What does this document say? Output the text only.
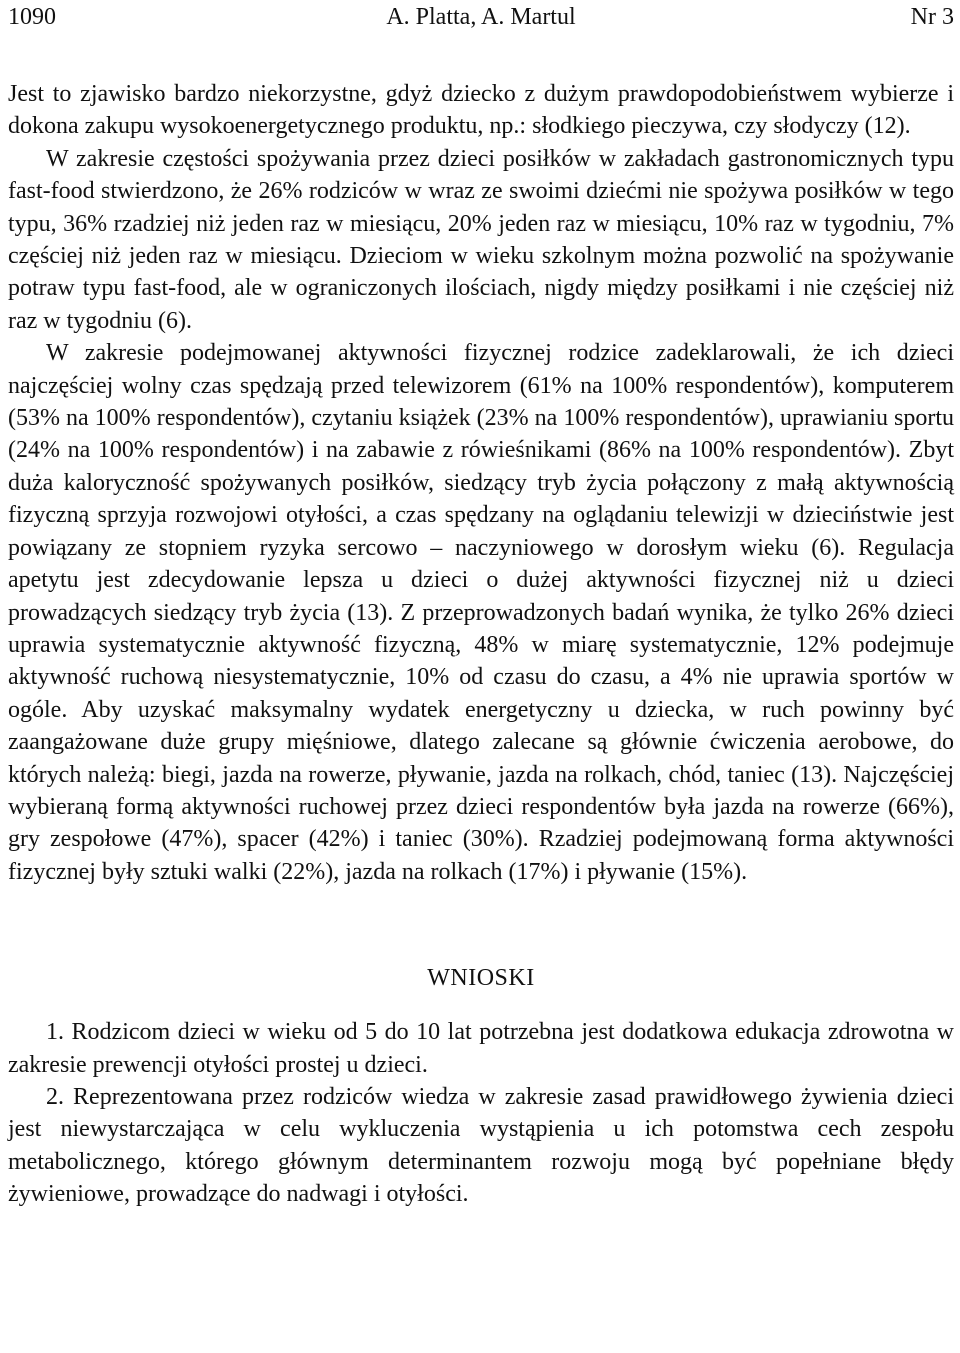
1090	A. Platta, A. Martul	Nr 3

Jest to zjawisko bardzo niekorzystne, gdyż dziecko z dużym prawdopodobieństwem wybierze i dokona zakupu wysokoenergetycznego produktu, np.: słodkiego pieczywa, czy słodyczy (12).

W zakresie częstości spożywania przez dzieci posiłków w zakładach gastronomicznych typu fast-food stwierdzono, że 26% rodziców w wraz ze swoimi dziećmi nie spożywa posiłków w tego typu, 36% rzadziej niż jeden raz w miesiącu, 20% jeden raz w miesiącu, 10% raz w tygodniu, 7% częściej niż jeden raz w miesiącu. Dzieciom w wieku szkolnym można pozwolić na spożywanie potraw typu fast-food, ale w ograniczonych ilościach, nigdy między posiłkami i nie częściej niż raz w tygodniu (6).

W zakresie podejmowanej aktywności fizycznej rodzice zadeklarowali, że ich dzieci najczęściej wolny czas spędzają przed telewizorem (61% na 100% respondentów), komputerem (53% na 100% respondentów), czytaniu książek (23% na 100% respondentów), uprawianiu sportu (24% na 100% respondentów) i na zabawie z rówieśnikami (86% na 100% respondentów). Zbyt duża kaloryczność spożywanych posiłków, siedzący tryb życia połączony z małą aktywnością fizyczną sprzyja rozwojowi otyłości, a czas spędzany na oglądaniu telewizji w dzieciństwie jest powiązany ze stopniem ryzyka sercowo – naczyniowego w dorosłym wieku (6). Regulacja apetytu jest zdecydowanie lepsza u dzieci o dużej aktywności fizycznej niż u dzieci prowadzących siedzący tryb życia (13). Z przeprowadzonych badań wynika, że tylko 26% dzieci uprawia systematycznie aktywność fizyczną, 48% w miarę systematycznie, 12% podejmuje aktywność ruchową niesystematycznie, 10% od czasu do czasu, a 4% nie uprawia sportów w ogóle. Aby uzyskać maksymalny wydatek energetyczny u dziecka, w ruch powinny być zaangażowane duże grupy mięśniowe, dlatego zalecane są głównie ćwiczenia aerobowe, do których należą: biegi, jazda na rowerze, pływanie, jazda na rolkach, chód, taniec (13). Najczęściej wybieraną formą aktywności ruchowej przez dzieci respondentów była jazda na rowerze (66%), gry zespołowe (47%), spacer (42%) i taniec (30%). Rzadziej podejmowaną forma aktywności fizycznej były sztuki walki (22%), jazda na rolkach (17%) i pływanie (15%).

WNIOSKI

1. Rodzicom dzieci w wieku od 5 do 10 lat potrzebna jest dodatkowa edukacja zdrowotna w zakresie prewencji otyłości prostej u dzieci.

2. Reprezentowana przez rodziców wiedza w zakresie zasad prawidłowego żywienia dzieci jest niewystarczająca w celu wykluczenia wystąpienia u ich potomstwa cech zespołu metabolicznego, którego głównym determinantem rozwoju mogą być popełniane błędy żywieniowe, prowadzące do nadwagi i otyłości.
